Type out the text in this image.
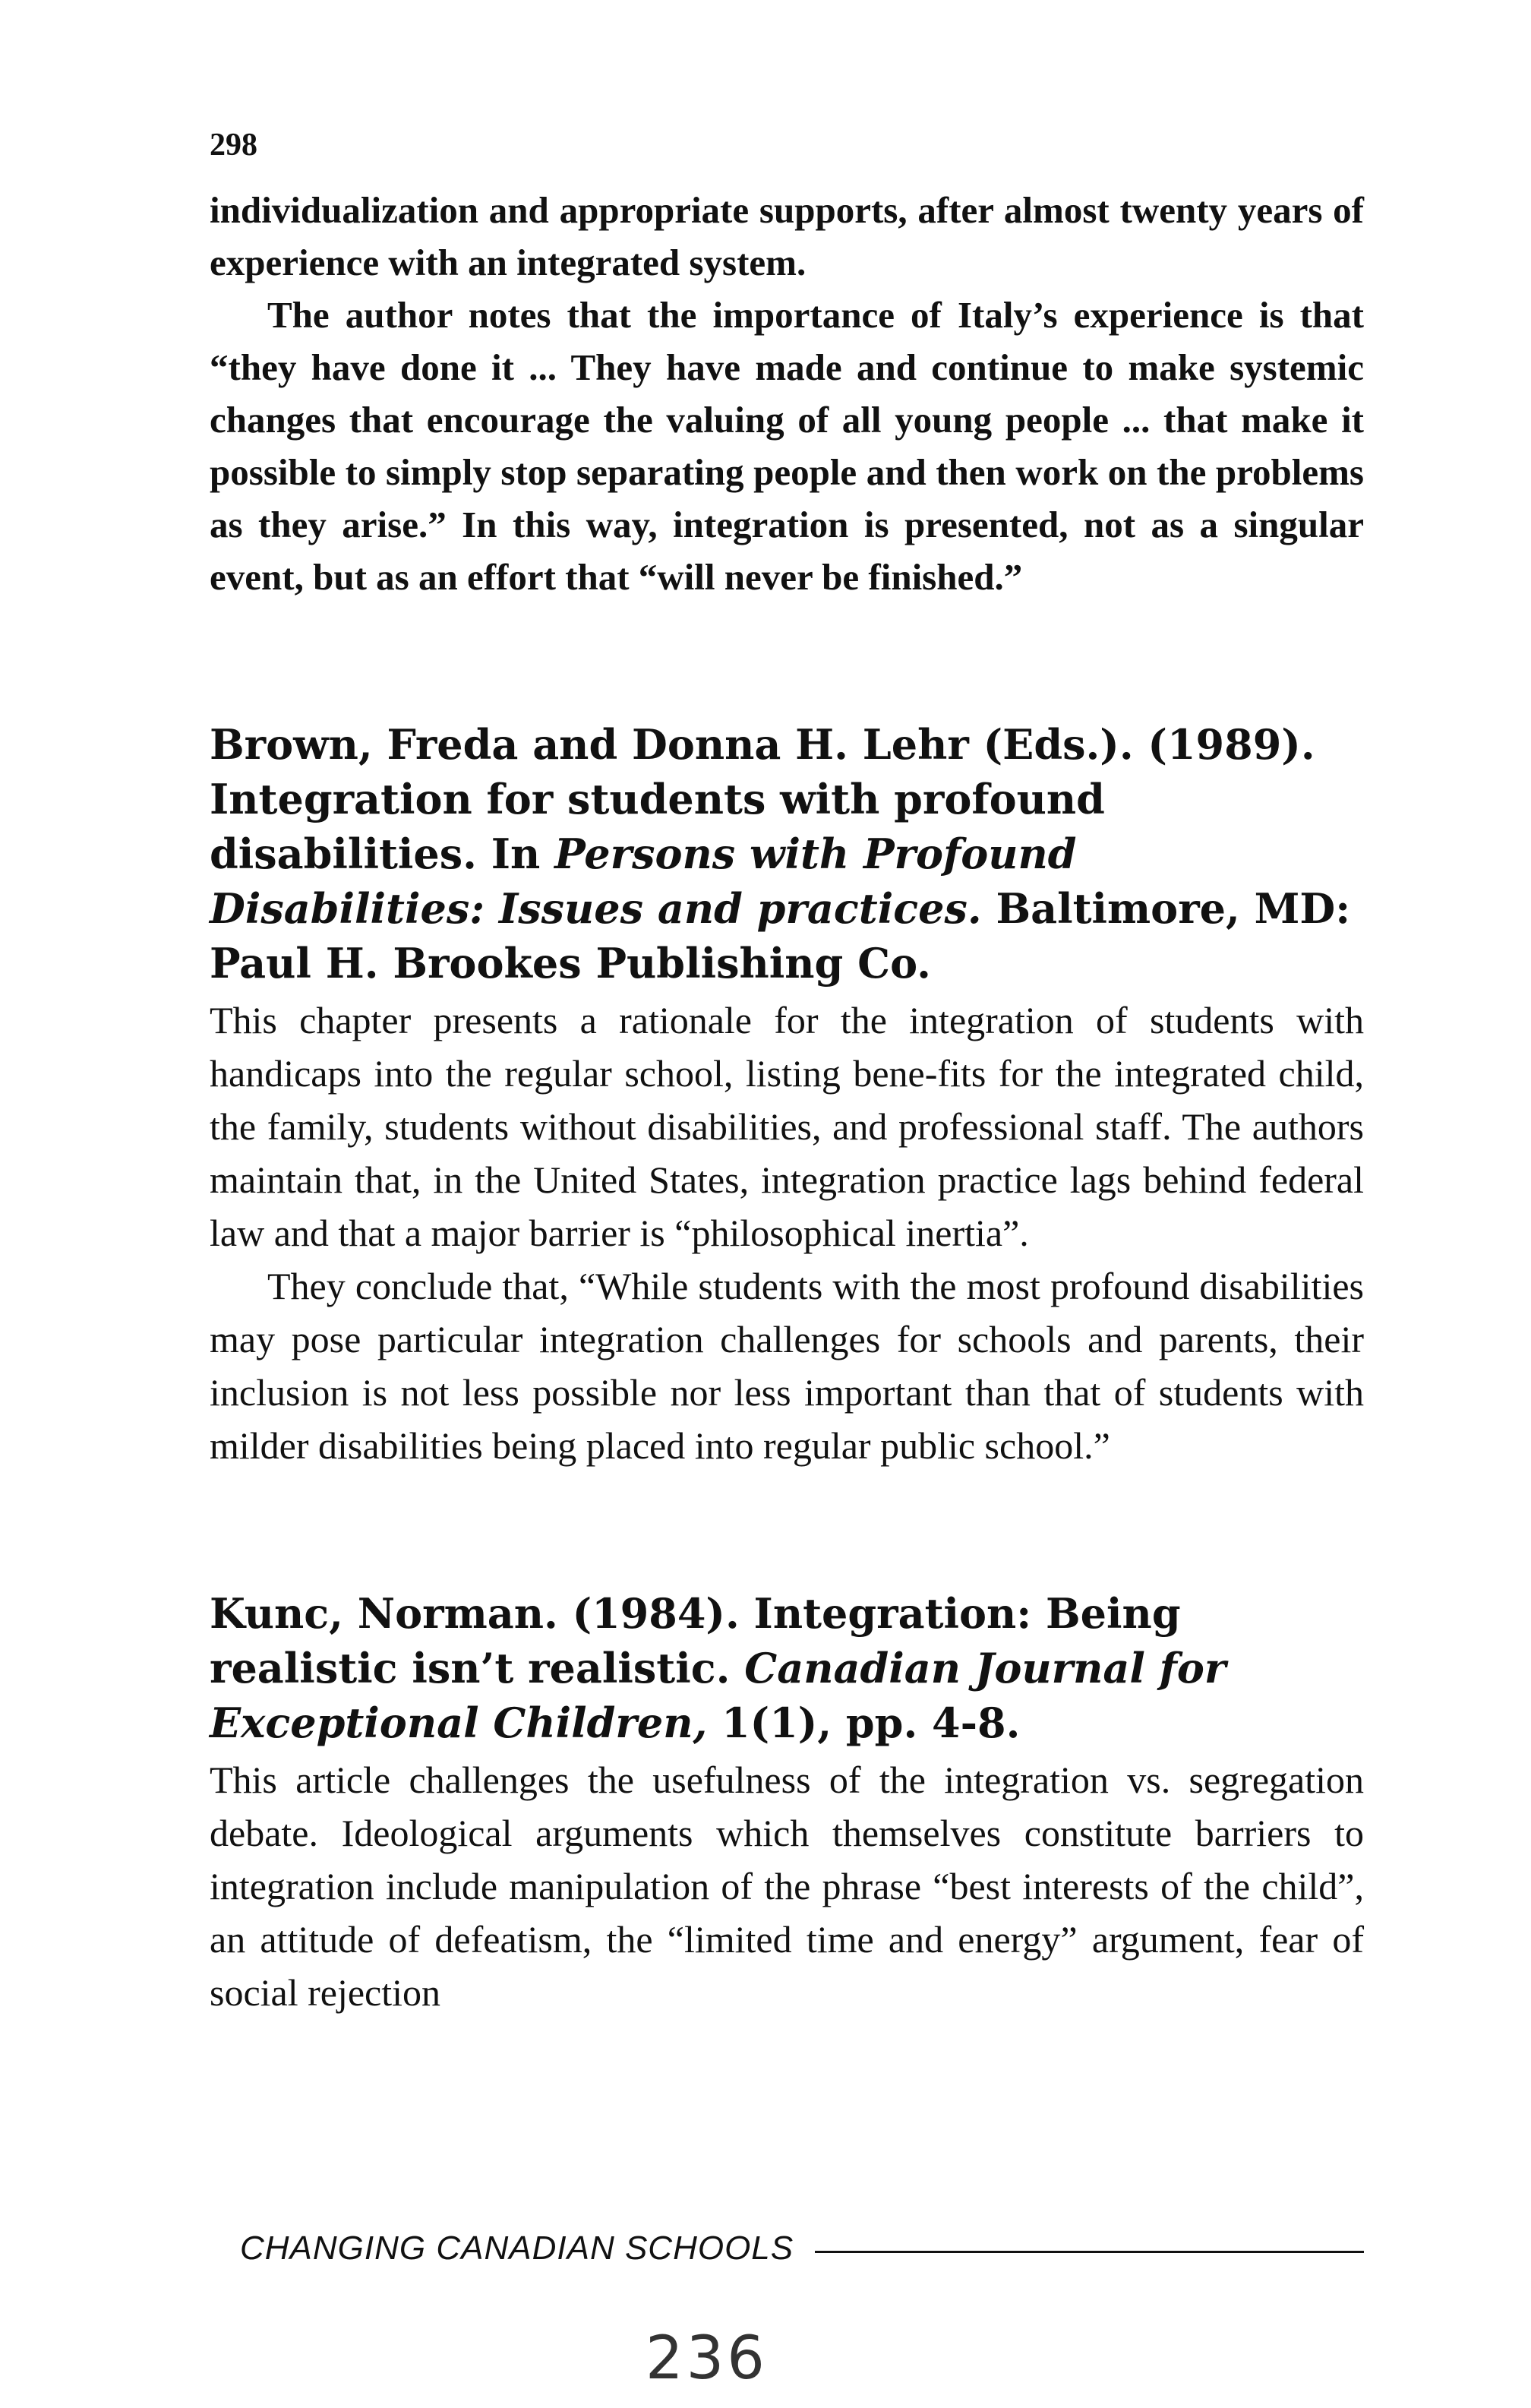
298

individualization and appropriate supports, after almost twenty years of experience with an integrated system.

The author notes that the importance of Italy’s experience is that “they have done it ... They have made and continue to make systemic changes that encourage the valuing of all young people ... that make it possible to simply stop separating people and then work on the problems as they arise.” In this way, integration is presented, not as a singular event, but as an effort that “will never be finished.”

Brown, Freda and Donna H. Lehr (Eds.). (1989). Integration for students with profound disabilities. In Persons with Profound Disabilities: Issues and practices. Baltimore, MD: Paul H. Brookes Publishing Co.

This chapter presents a rationale for the integration of students with handicaps into the regular school, listing bene-fits for the integrated child, the family, students without disabilities, and professional staff. The authors maintain that, in the United States, integration practice lags behind federal law and that a major barrier is “philosophical inertia”.

They conclude that, “While students with the most profound disabilities may pose particular integration challenges for schools and parents, their inclusion is not less possible nor less important than that of students with milder disabilities being placed into regular public school.”

Kunc, Norman. (1984). Integration: Being realistic isn’t realistic. Canadian Journal for Exceptional Children, 1(1), pp. 4-8.

This article challenges the usefulness of the integration vs. segregation debate. Ideological arguments which themselves constitute barriers to integration include manipulation of the phrase “best interests of the child”, an attitude of defeatism, the “limited time and energy” argument, fear of social rejection

CHANGING CANADIAN SCHOOLS
236
